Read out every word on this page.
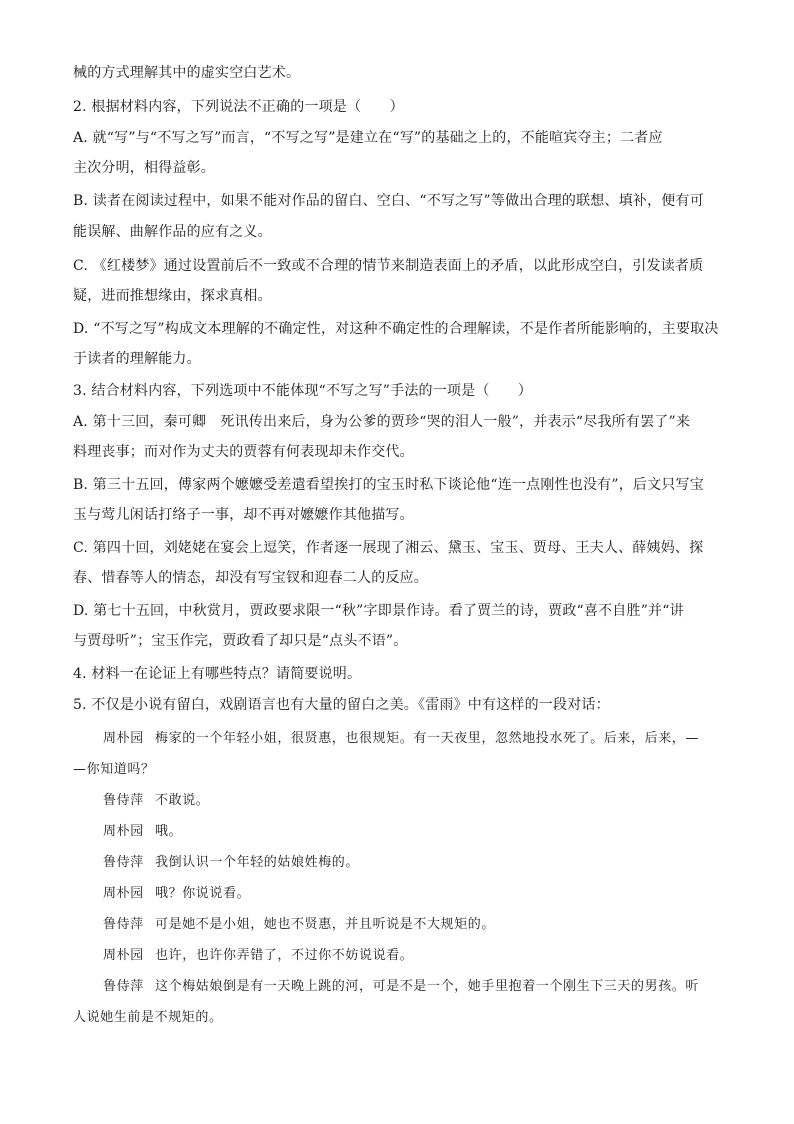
械的方式理解其中的虚实空白艺术。
2. 根据材料内容，下列说法不正确的一项是（　　）
A. 就“写”与“不写之写”而言，“不写之写”是建立在“写”的基础之上的，不能喧宾夺主；二者应
主次分明，相得益彰。
B. 读者在阅读过程中，如果不能对作品的留白、空白、“不写之写”等做出合理的联想、填补，便有可
能误解、曲解作品的应有之义。
C. 《红楼梦》通过设置前后不一致或不合理的情节来制造表面上的矛盾，以此形成空白，引发读者质
疑，进而推想缘由，探求真相。
D. “不写之写”构成文本理解的不确定性，对这种不确定性的合理解读，不是作者所能影响的，主要取决
于读者的理解能力。
3. 结合材料内容，下列选项中不能体现“不写之写”手法的一项是（　　）
A. 第十三回，秦可卿　死讯传出来后，身为公爹的贾珍“哭的泪人一般”，并表示“尽我所有罢了”来
料理丧事；而对作为丈夫的贾蓉有何表现却未作交代。
B. 第三十五回，傅家两个嬷嬷受差遣看望挨打的宝玉时私下谈论他“连一点刚性也没有”，后文只写宝
玉与莺儿闲话打络子一事，却不再对嬷嬷作其他描写。
C. 第四十回，刘姥姥在宴会上逗笑，作者逐一展现了湘云、黛玉、宝玉、贾母、王夫人、薛姨妈、探
春、惜春等人的情态，却没有写宝钗和迎春二人的反应。
D. 第七十五回，中秋赏月，贾政要求限一“秋”字即景作诗。看了贾兰的诗，贾政“喜不自胜”并“讲
与贾母听”；宝玉作完，贾政看了却只是“点头不语”。
4. 材料一在论证上有哪些特点？请简要说明。
5. 不仅是小说有留白，戏剧语言也有大量的留白之美。《雷雨》中有这样的一段对话：
周朴园 梅家的一个年轻小姐，很贤惠，也很规矩。有一天夜里，忽然地投水死了。后来，后来，—
—你知道吗？
鲁侍萍 不敢说。
周朴园 哦。
鲁侍萍 我倒认识一个年轻的姑娘姓梅的。
周朴园 哦？你说说看。
鲁侍萍 可是她不是小姐，她也不贤惠，并且听说是不大规矩的。
周朴园 也许，也许你弄错了，不过你不妨说说看。
鲁侍萍 这个梅姑娘倒是有一天晚上跳的河，可是不是一个，她手里抱着一个刚生下三天的男孩。听
人说她生前是不规矩的。
